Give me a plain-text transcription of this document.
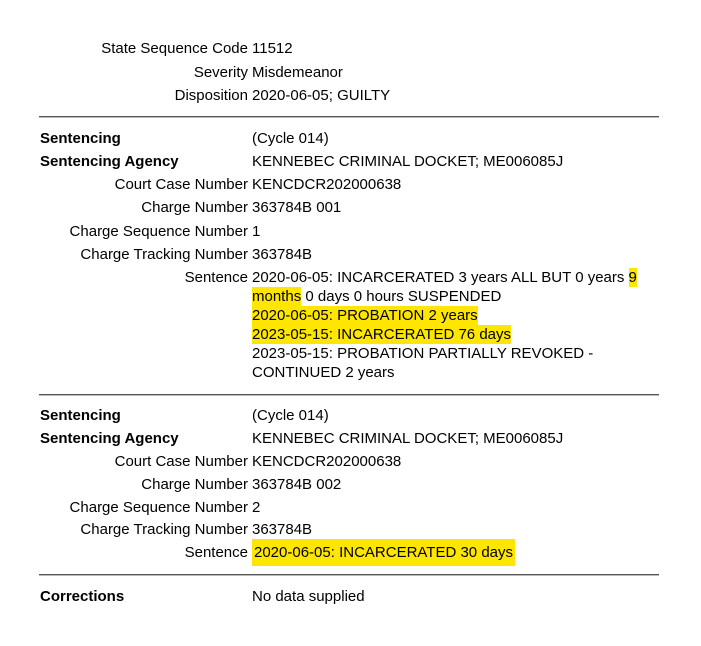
State Sequence Code 11512
Severity Misdemeanor
Disposition 2020-06-05; GUILTY
Sentencing	(Cycle 014)
Sentencing Agency	KENNEBEC CRIMINAL DOCKET; ME006085J
Court Case Number KENCDCR202000638
Charge Number 363784B 001
Charge Sequence Number 1
Charge Tracking Number 363784B
Sentence 2020-06-05: INCARCERATED 3 years ALL BUT 0 years 9
months 0 days 0 hours SUSPENDED
2020-06-05: PROBATION 2 years
2023-05-15: INCARCERATED 76 days
2023-05-15: PROBATION PARTIALLY REVOKED -
CONTINUED 2 years
Sentencing	(Cycle 014)
Sentencing Agency	KENNEBEC CRIMINAL DOCKET; ME006085J
Court Case Number KENCDCR202000638
Charge Number 363784B 002
Charge Sequence Number 2
Charge Tracking Number 363784B
Sentence 2020-06-05: INCARCERATED 30 days
Corrections	No data supplied
